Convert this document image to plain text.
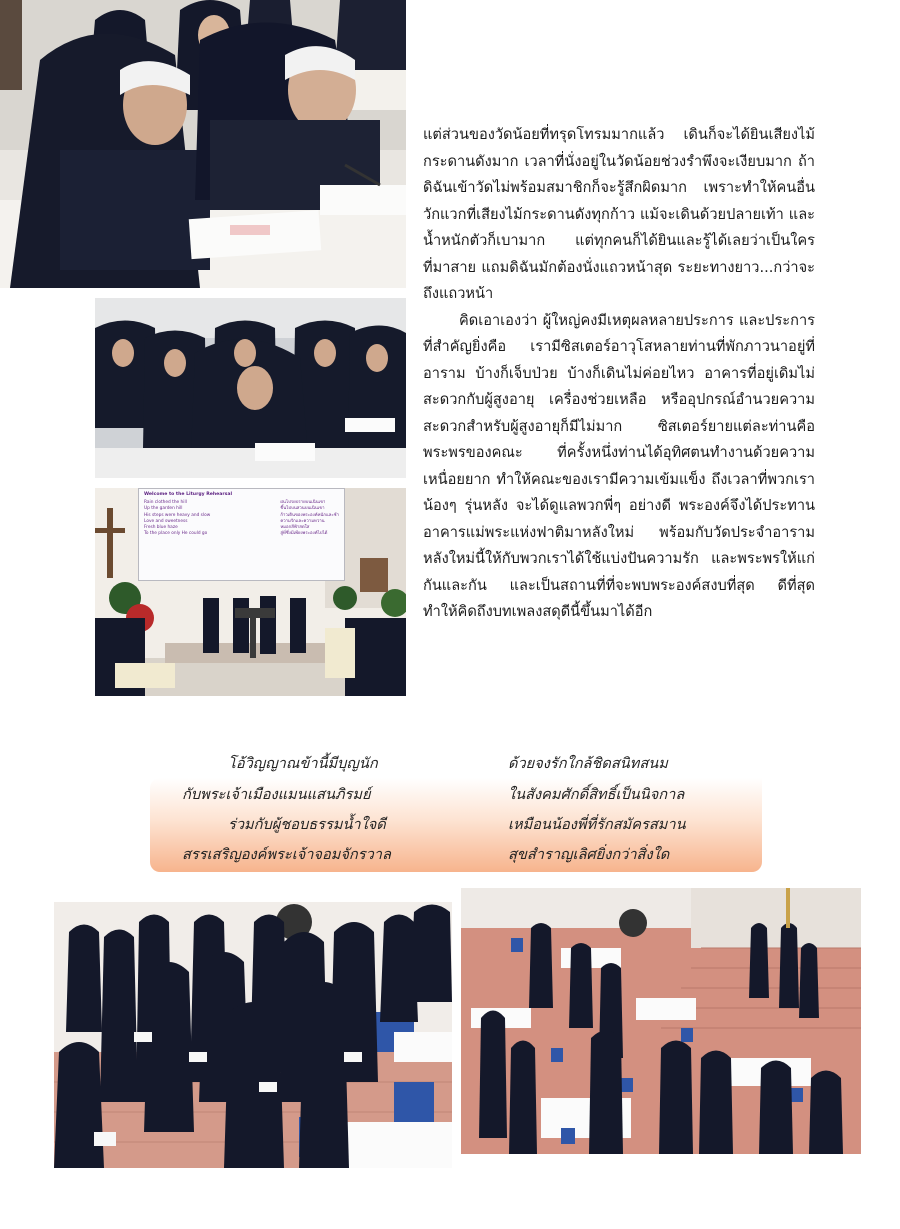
Welcome to the Liturgy Rehearsal
Rain clothed the hill
Up the garden hill
His steps were heavy and slow
Love and sweetness
Fresh blue haze
To the place only He could go
ฝนโปรยปรายบนเนินเขา
ขึ้นไปบนสวนบนเนินเขา
ก้าวเดินของพระองค์หนักและช้า
ความรักและความหวาน
หมอกสีฟ้าสดใส
สู่ที่ซึ่งมีเพียงพระองค์ไปได้

แต่ส่วนของวัดน้อยที่ทรุดโทรมมากแล้ว เดินก็จะได้ยินเสียงไม้กระดานดังมาก เวลาที่นั่งอยู่ในวัดน้อยช่วงรำพึงจะเงียบมาก ถ้าดิฉันเข้าวัดไม่พร้อมสมาชิกก็จะรู้สึกผิดมาก เพราะทำให้คนอื่นวักแวกที่เสียงไม้กระดานดังทุกก้าว แม้จะเดินด้วยปลายเท้า และน้ำหนักตัวก็เบามาก แต่ทุกคนก็ได้ยินและรู้ได้เลยว่าเป็นใครที่มาสาย แถมดิฉันมักต้องนั่งแถวหน้าสุด ระยะทางยาว...กว่าจะถึงแถวหน้า

คิดเอาเองว่า ผู้ใหญ่คงมีเหตุผลหลายประการ และประการที่สำคัญยิ่งคือ เรามีซิสเตอร์อาวุโสหลายท่านที่พักภาวนาอยู่ที่อาราม บ้างก็เจ็บป่วย บ้างก็เดินไม่ค่อยไหว อาคารที่อยู่เดิมไม่สะดวกกับผู้สูงอายุ เครื่องช่วยเหลือ หรืออุปกรณ์อำนวยความสะดวกสำหรับผู้สูงอายุก็มีไม่มาก ซิสเตอร์ยายแต่ละท่านคือพระพรของคณะ ที่ครั้งหนึ่งท่านได้อุทิศตนทำงานด้วยความเหนื่อยยาก ทำให้คณะของเรามีความเข้มแข็ง ถึงเวลาที่พวกเราน้องๆ รุ่นหลัง จะได้ดูแลพวกพี่ๆ อย่างดี พระองค์จึงได้ประทานอาคารแม่พระแห่งฟาติมาหลังใหม่ พร้อมกับวัดประจำอารามหลังใหม่นี้ให้กับพวกเราได้ใช้แบ่งปันความรัก และพระพรให้แก่กันและกัน และเป็นสถานที่ที่จะพบพระองค์สงบที่สุด ดีที่สุด ทำให้คิดถึงบทเพลงสดุดีนี้ขึ้นมาได้อีก

โอ้วิญญาณข้านี้มีบุญนัก
กับพระเจ้าเมืองแมนแสนภิรมย์
ร่วมกับผู้ชอบธรรมน้ำใจดี
สรรเสริญองค์พระเจ้าจอมจักรวาล
ด้วยจงรักใกล้ชิดสนิทสนม
ในสังคมศักดิ์สิทธิ์เป็นนิจกาล
เหมือนน้องพี่ที่รักสมัครสมาน
สุขสำราญเลิศยิ่งกว่าสิ่งใด
